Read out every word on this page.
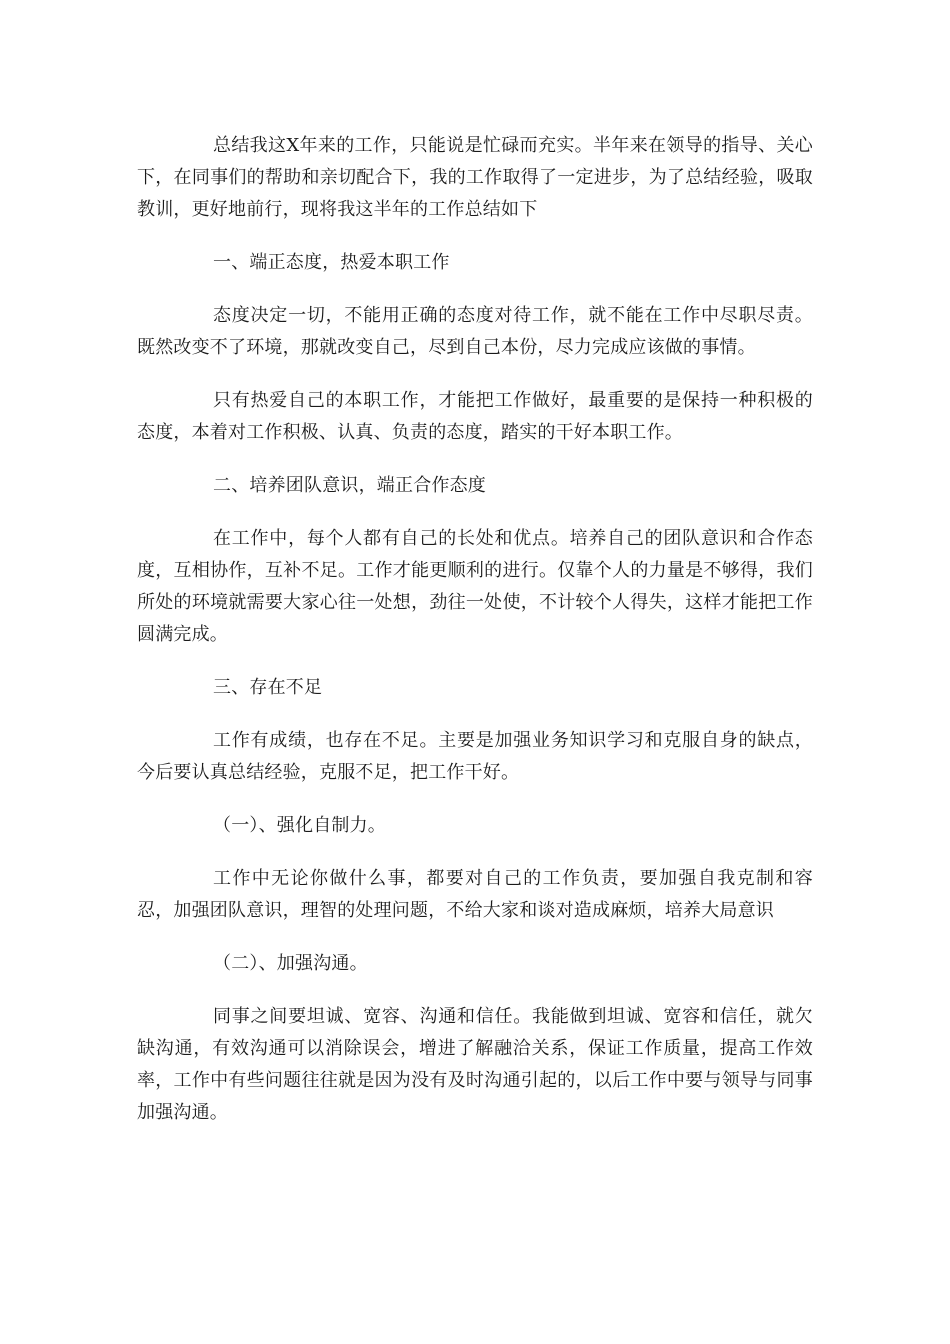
总结我这X年来的工作，只能说是忙碌而充实。半年来在领导的指导、关心下，在同事们的帮助和亲切配合下，我的工作取得了一定进步，为了总结经验，吸取教训，更好地前行，现将我这半年的工作总结如下

一、端正态度，热爱本职工作

态度决定一切，不能用正确的态度对待工作，就不能在工作中尽职尽责。既然改变不了环境，那就改变自己，尽到自己本份，尽力完成应该做的事情。

只有热爱自己的本职工作，才能把工作做好，最重要的是保持一种积极的态度，本着对工作积极、认真、负责的态度，踏实的干好本职工作。

二、培养团队意识，端正合作态度

在工作中，每个人都有自己的长处和优点。培养自己的团队意识和合作态度，互相协作，互补不足。工作才能更顺利的进行。仅靠个人的力量是不够得，我们所处的环境就需要大家心往一处想，劲往一处使，不计较个人得失，这样才能把工作圆满完成。

三、存在不足

工作有成绩，也存在不足。主要是加强业务知识学习和克服自身的缺点，今后要认真总结经验，克服不足，把工作干好。

（一）、强化自制力。

工作中无论你做什么事，都要对自己的工作负责，要加强自我克制和容忍，加强团队意识，理智的处理问题，不给大家和谈对造成麻烦，培养大局意识

（二）、加强沟通。

同事之间要坦诚、宽容、沟通和信任。我能做到坦诚、宽容和信任，就欠缺沟通，有效沟通可以消除误会，增进了解融洽关系，保证工作质量，提高工作效率，工作中有些问题往往就是因为没有及时沟通引起的，以后工作中要与领导与同事加强沟通。
